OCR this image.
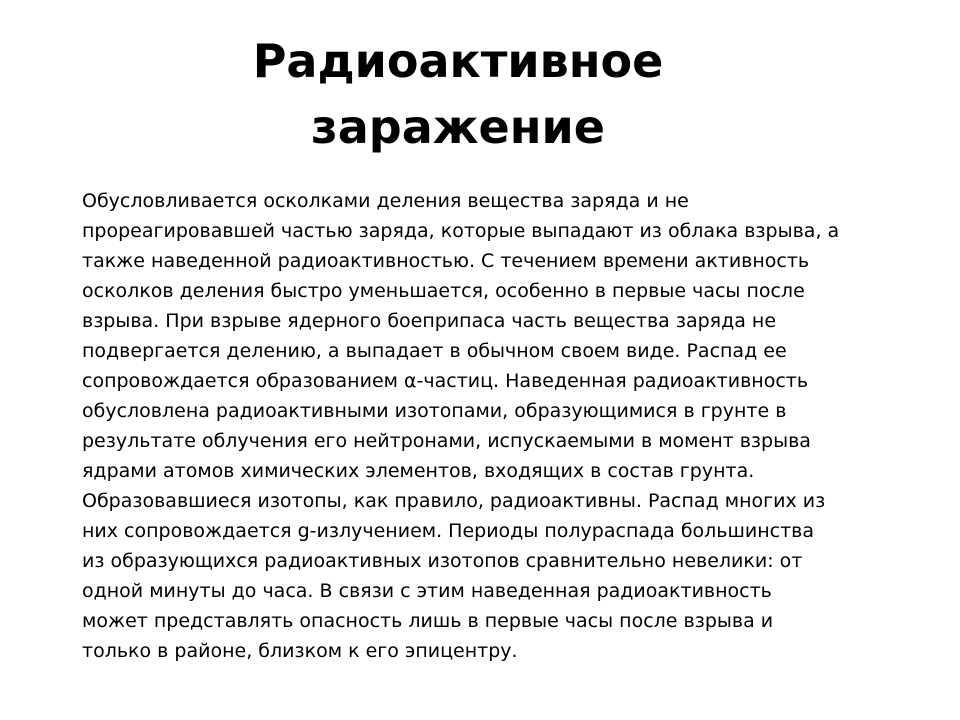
Радиоактивное
заражение
Обусловливается осколками деления вещества заряда и не
прореагировавшей частью заряда, которые выпадают из облака взрыва, а
также наведенной радиоактивностью. С течением времени активность
осколков деления быстро уменьшается, особенно в первые часы после
взрыва. При взрыве ядерного боеприпаса часть вещества заряда не
подвергается делению, а выпадает в обычном своем виде. Распад ее
сопровождается образованием α-частиц. Наведенная радиоактивность
обусловлена радиоактивными изотопами, образующимися в грунте в
результате облучения его нейтронами, испускаемыми в момент взрыва
ядрами атомов химических элементов, входящих в состав грунта.
Образовавшиеся изотопы, как правило, радиоактивны. Распад многих из
них сопровождается g-излучением. Периоды полураспада большинства
из образующихся радиоактивных изотопов сравнительно невелики: от
одной минуты до часа. В связи с этим наведенная радиоактивность
может представлять опасность лишь в первые часы после взрыва и
только в районе, близком к его эпицентру.
